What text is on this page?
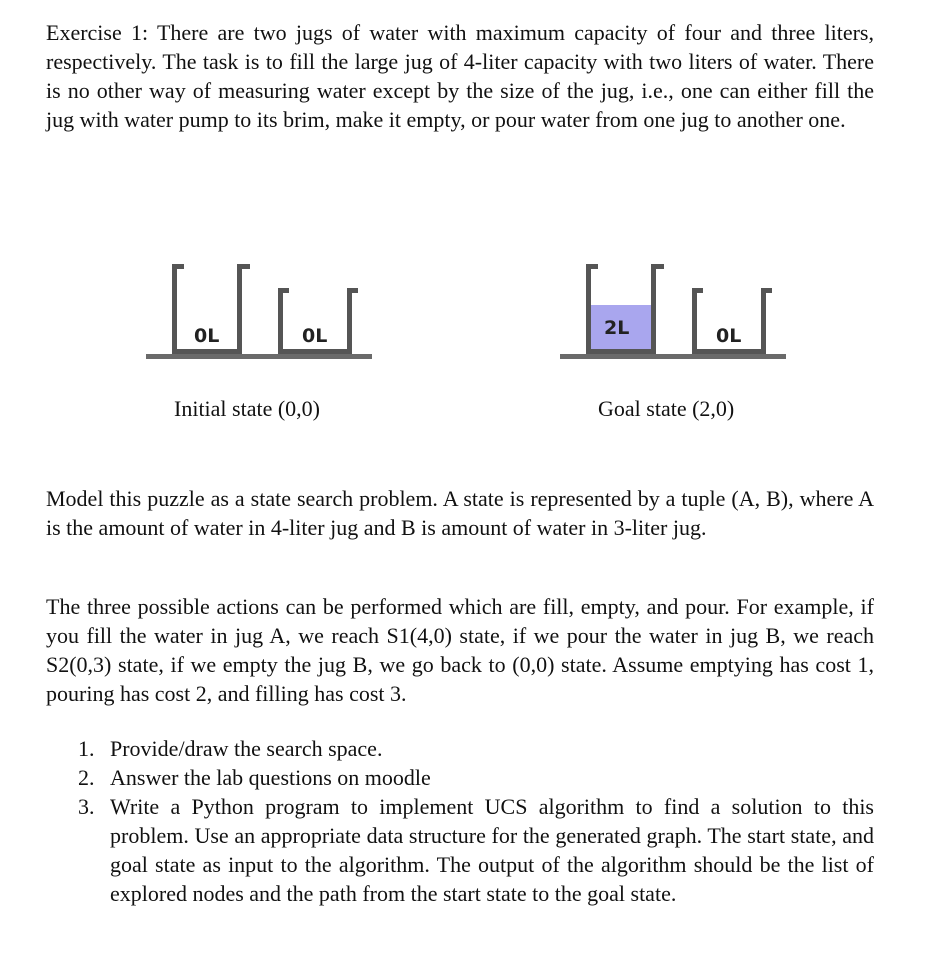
Exercise 1: There are two jugs of water with maximum capacity of four and three liters, respectively. The task is to fill the large jug of 4-liter capacity with two liters of water. There is no other way of measuring water except by the size of the jug, i.e., one can either fill the jug with water pump to its brim, make it empty, or pour water from one jug to another one.

0L	0L	2L	0L
Initial state (0,0)	Goal state (2,0)

Model this puzzle as a state search problem. A state is represented by a tuple (A, B), where A is the amount of water in 4-liter jug and B is amount of water in 3-liter jug.

The three possible actions can be performed which are fill, empty, and pour. For example, if you fill the water in jug A, we reach S1(4,0) state, if we pour the water in jug B, we reach S2(0,3) state, if we empty the jug B, we go back to (0,0) state. Assume emptying has cost 1, pouring has cost 2, and filling has cost 3.

1. Provide/draw the search space.
2. Answer the lab questions on moodle
3. Write a Python program to implement UCS algorithm to find a solution to this problem. Use an appropriate data structure for the generated graph. The start state, and goal state as input to the algorithm. The output of the algorithm should be the list of explored nodes and the path from the start state to the goal state.
